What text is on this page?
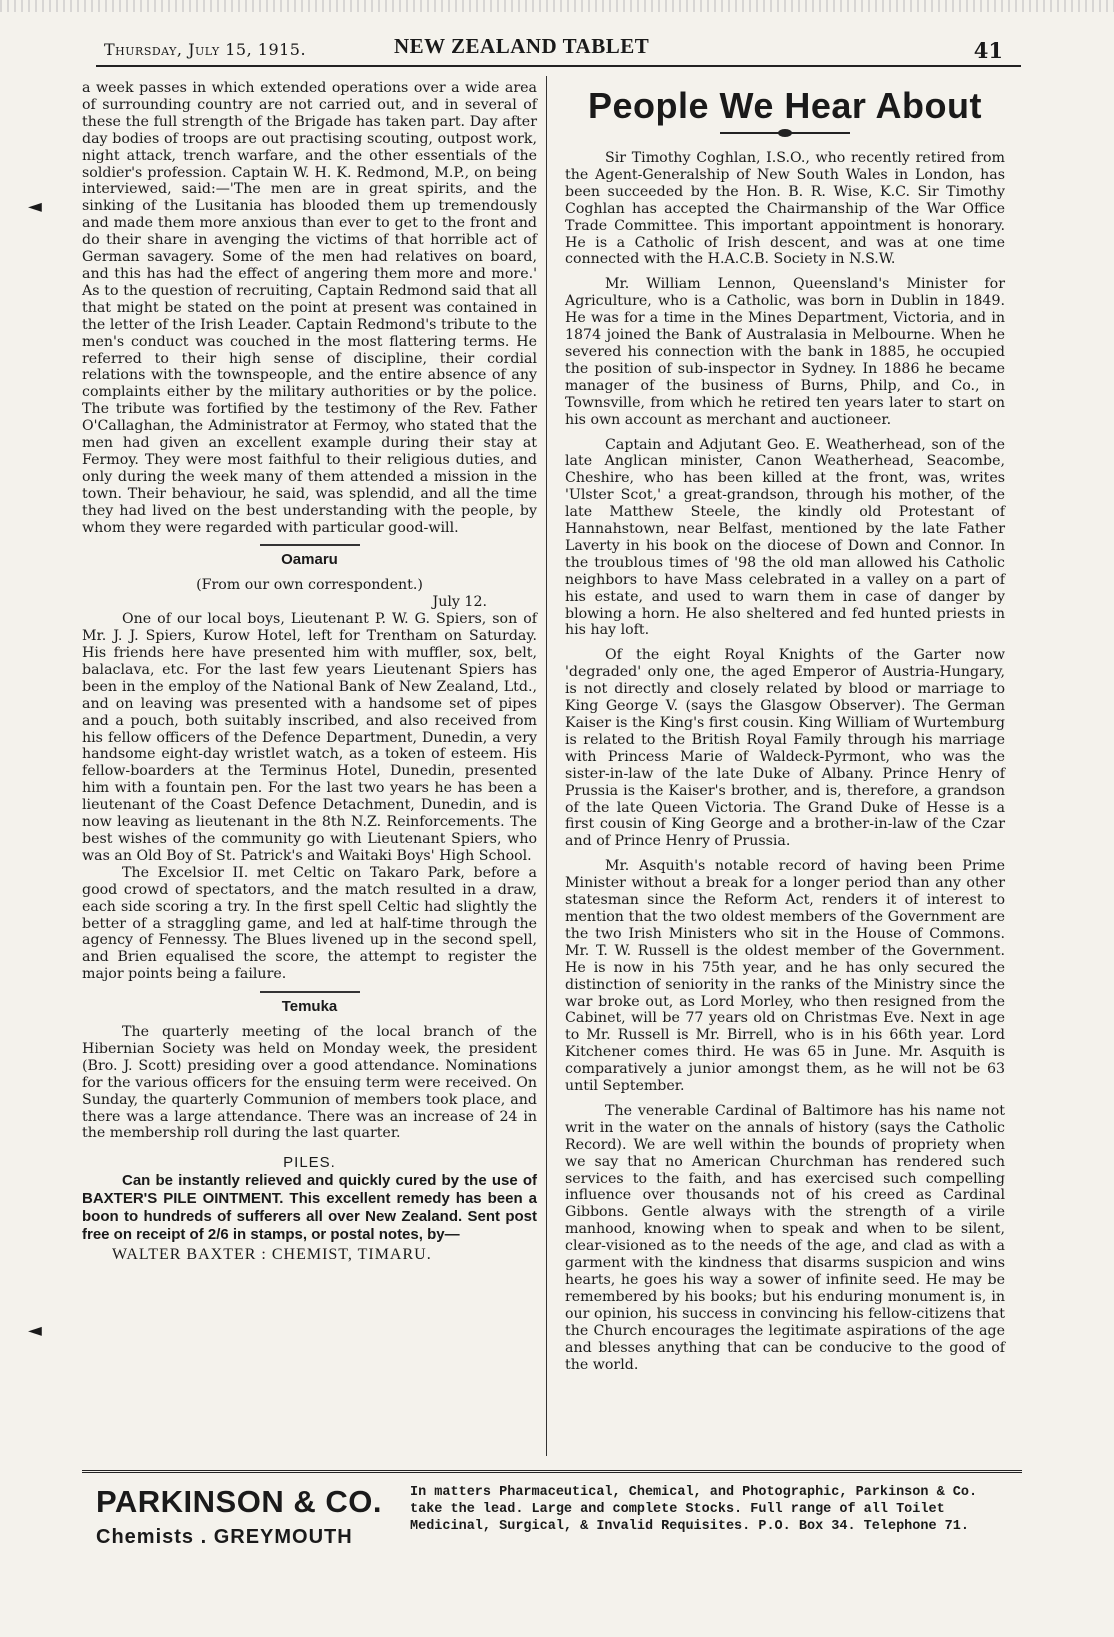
Thursday, July 15, 1915.	NEW ZEALAND TABLET	41
◄
◄

a week passes in which extended operations over a wide area of surrounding country are not carried out, and in several of these the full strength of the Brigade has taken part. Day after day bodies of troops are out practising scouting, outpost work, night attack, trench warfare, and the other essentials of the soldier's profession. Captain W. H. K. Redmond, M.P., on being interviewed, said:—'The men are in great spirits, and the sinking of the Lusitania has blooded them up tremendously and made them more anxious than ever to get to the front and do their share in avenging the victims of that horrible act of German savagery. Some of the men had relatives on board, and this has had the effect of angering them more and more.' As to the question of recruiting, Captain Redmond said that all that might be stated on the point at present was contained in the letter of the Irish Leader. Captain Redmond's tribute to the men's conduct was couched in the most flattering terms. He referred to their high sense of discipline, their cordial relations with the townspeople, and the entire absence of any complaints either by the military authorities or by the police. The tribute was fortified by the testimony of the Rev. Father O'Callaghan, the Administrator at Fermoy, who stated that the men had given an excellent example during their stay at Fermoy. They were most faithful to their religious duties, and only during the week many of them attended a mission in the town. Their behaviour, he said, was splendid, and all the time they had lived on the best understanding with the people, by whom they were regarded with particular good-will.

Oamaru
(From our own correspondent.)
July 12.

One of our local boys, Lieutenant P. W. G. Spiers, son of Mr. J. J. Spiers, Kurow Hotel, left for Trentham on Saturday. His friends here have presented him with muffler, sox, belt, balaclava, etc. For the last few years Lieutenant Spiers has been in the employ of the National Bank of New Zealand, Ltd., and on leaving was presented with a handsome set of pipes and a pouch, both suitably inscribed, and also received from his fellow officers of the Defence Department, Dunedin, a very handsome eight-day wristlet watch, as a token of esteem. His fellow-boarders at the Terminus Hotel, Dunedin, presented him with a fountain pen. For the last two years he has been a lieutenant of the Coast Defence Detachment, Dunedin, and is now leaving as lieutenant in the 8th N.Z. Reinforcements. The best wishes of the community go with Lieutenant Spiers, who was an Old Boy of St. Patrick's and Waitaki Boys' High School.

The Excelsior II. met Celtic on Takaro Park, before a good crowd of spectators, and the match resulted in a draw, each side scoring a try. In the first spell Celtic had slightly the better of a straggling game, and led at half-time through the agency of Fennessy. The Blues livened up in the second spell, and Brien equalised the score, the attempt to register the major points being a failure.

Temuka

The quarterly meeting of the local branch of the Hibernian Society was held on Monday week, the president (Bro. J. Scott) presiding over a good attendance. Nominations for the various officers for the ensuing term were received. On Sunday, the quarterly Communion of members took place, and there was a large attendance. There was an increase of 24 in the membership roll during the last quarter.

PILES.

Can be instantly relieved and quickly cured by the use of BAXTER'S PILE OINTMENT. This excellent remedy has been a boon to hundreds of sufferers all over New Zealand. Sent post free on receipt of 2/6 in stamps, or postal notes, by—

WALTER BAXTER : CHEMIST, TIMARU.
People We Hear About

Sir Timothy Coghlan, I.S.O., who recently retired from the Agent-Generalship of New South Wales in London, has been succeeded by the Hon. B. R. Wise, K.C. Sir Timothy Coghlan has accepted the Chairmanship of the War Office Trade Committee. This important appointment is honorary. He is a Catholic of Irish descent, and was at one time connected with the H.A.C.B. Society in N.S.W.

Mr. William Lennon, Queensland's Minister for Agriculture, who is a Catholic, was born in Dublin in 1849. He was for a time in the Mines Department, Victoria, and in 1874 joined the Bank of Australasia in Melbourne. When he severed his connection with the bank in 1885, he occupied the position of sub-inspector in Sydney. In 1886 he became manager of the business of Burns, Philp, and Co., in Townsville, from which he retired ten years later to start on his own account as merchant and auctioneer.

Captain and Adjutant Geo. E. Weatherhead, son of the late Anglican minister, Canon Weatherhead, Seacombe, Cheshire, who has been killed at the front, was, writes 'Ulster Scot,' a great-grandson, through his mother, of the late Matthew Steele, the kindly old Protestant of Hannahstown, near Belfast, mentioned by the late Father Laverty in his book on the diocese of Down and Connor. In the troublous times of '98 the old man allowed his Catholic neighbors to have Mass celebrated in a valley on a part of his estate, and used to warn them in case of danger by blowing a horn. He also sheltered and fed hunted priests in his hay loft.

Of the eight Royal Knights of the Garter now 'degraded' only one, the aged Emperor of Austria-Hungary, is not directly and closely related by blood or marriage to King George V. (says the Glasgow Observer). The German Kaiser is the King's first cousin. King William of Wurtemburg is related to the British Royal Family through his marriage with Princess Marie of Waldeck-Pyrmont, who was the sister-in-law of the late Duke of Albany. Prince Henry of Prussia is the Kaiser's brother, and is, therefore, a grandson of the late Queen Victoria. The Grand Duke of Hesse is a first cousin of King George and a brother-in-law of the Czar and of Prince Henry of Prussia.

Mr. Asquith's notable record of having been Prime Minister without a break for a longer period than any other statesman since the Reform Act, renders it of interest to mention that the two oldest members of the Government are the two Irish Ministers who sit in the House of Commons. Mr. T. W. Russell is the oldest member of the Government. He is now in his 75th year, and he has only secured the distinction of seniority in the ranks of the Ministry since the war broke out, as Lord Morley, who then resigned from the Cabinet, will be 77 years old on Christmas Eve. Next in age to Mr. Russell is Mr. Birrell, who is in his 66th year. Lord Kitchener comes third. He was 65 in June. Mr. Asquith is comparatively a junior amongst them, as he will not be 63 until September.

The venerable Cardinal of Baltimore has his name not writ in the water on the annals of history (says the Catholic Record). We are well within the bounds of propriety when we say that no American Churchman has rendered such services to the faith, and has exercised such compelling influence over thousands not of his creed as Cardinal Gibbons. Gentle always with the strength of a virile manhood, knowing when to speak and when to be silent, clear-visioned as to the needs of the age, and clad as with a garment with the kindness that disarms suspicion and wins hearts, he goes his way a sower of infinite seed. He may be remembered by his books; but his enduring monument is, in our opinion, his success in convincing his fellow-citizens that the Church encourages the legitimate aspirations of the age and blesses anything that can be conducive to the good of the world.

PARKINSON & CO.
Chemists . GREYMOUTH
In matters Pharmaceutical, Chemical, and Photographic, Parkinson & Co. take the lead. Large and complete Stocks. Full range of all Toilet Medicinal, Surgical, & Invalid Requisites. P.O. Box 34. Telephone 71.
